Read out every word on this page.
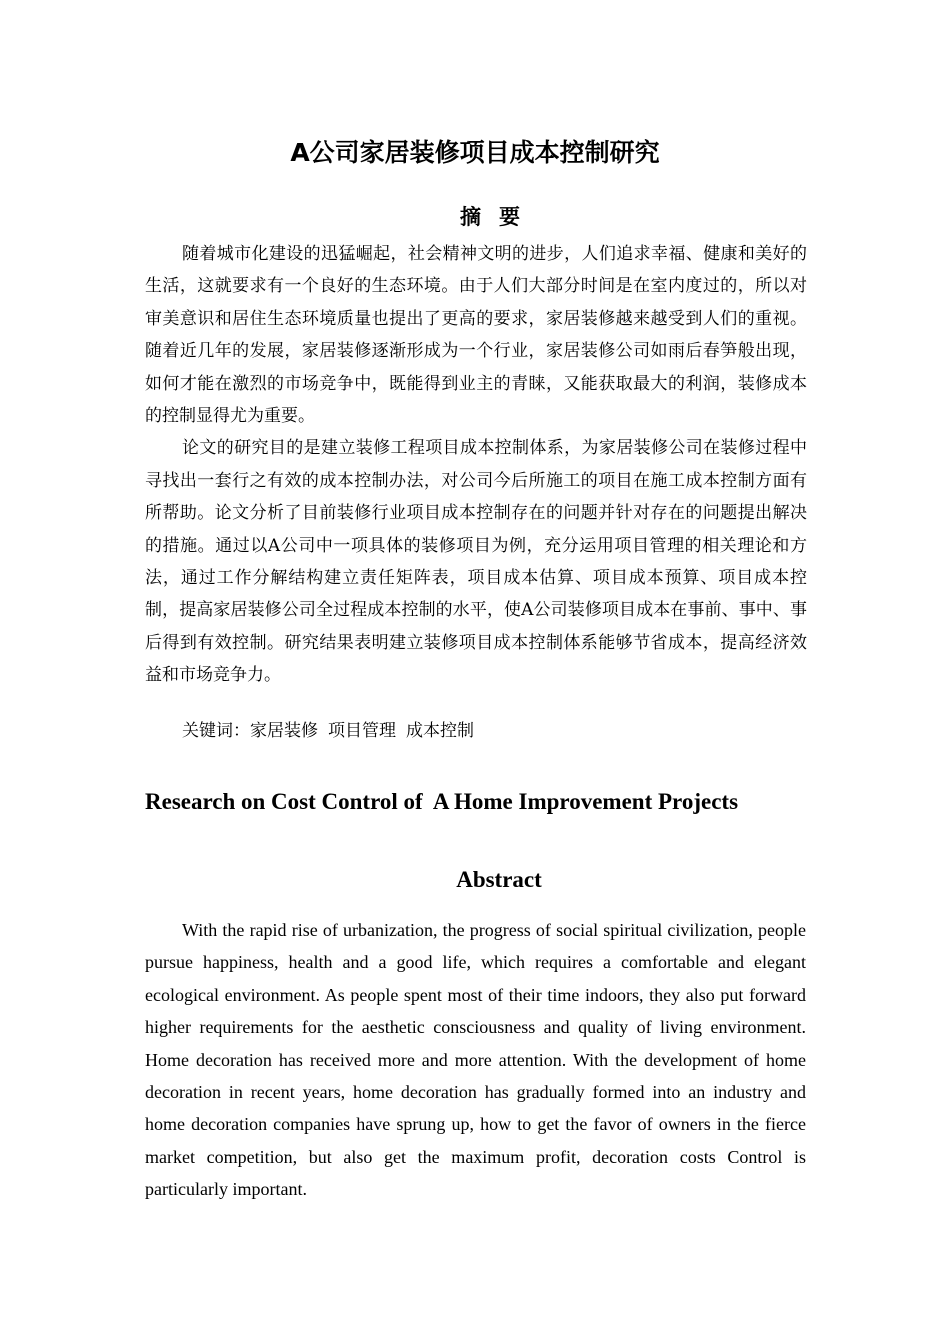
A公司家居装修项目成本控制研究
摘要

随着城市化建设的迅猛崛起，社会精神文明的进步，人们追求幸福、健康和美好的生活，这就要求有一个良好的生态环境。由于人们大部分时间是在室内度过的，所以对审美意识和居住生态环境质量也提出了更高的要求，家居装修越来越受到人们的重视。随着近几年的发展，家居装修逐渐形成为一个行业，家居装修公司如雨后春笋般出现，如何才能在激烈的市场竞争中，既能得到业主的青睐，又能获取最大的利润，装修成本的控制显得尤为重要。

论文的研究目的是建立装修工程项目成本控制体系，为家居装修公司在装修过程中寻找出一套行之有效的成本控制办法，对公司今后所施工的项目在施工成本控制方面有所帮助。论文分析了目前装修行业项目成本控制存在的问题并针对存在的问题提出解决的措施。通过以A公司中一项具体的装修项目为例，充分运用项目管理的相关理论和方法，通过工作分解结构建立责任矩阵表，项目成本估算、项目成本预算、项目成本控制，提高家居装修公司全过程成本控制的水平，使A公司装修项目成本在事前、事中、事后得到有效控制。研究结果表明建立装修项目成本控制体系能够节省成本，提高经济效益和市场竞争力。

关键词：家居装修 项目管理 成本控制
Research on Cost Control of  A Home Improvement Projects
Abstract

With the rapid rise of urbanization, the progress of social spiritual civilization, people pursue happiness, health and a good life, which requires a comfortable and elegant ecological environment. As people spent most of their time indoors, they also put forward higher requirements for the aesthetic consciousness and quality of living environment. Home decoration has received more and more attention. With the development of home decoration in recent years, home decoration has gradually formed into an industry and home decoration companies have sprung up, how to get the favor of owners in the fierce market competition, but also get the maximum profit, decoration costs Control is particularly important.
